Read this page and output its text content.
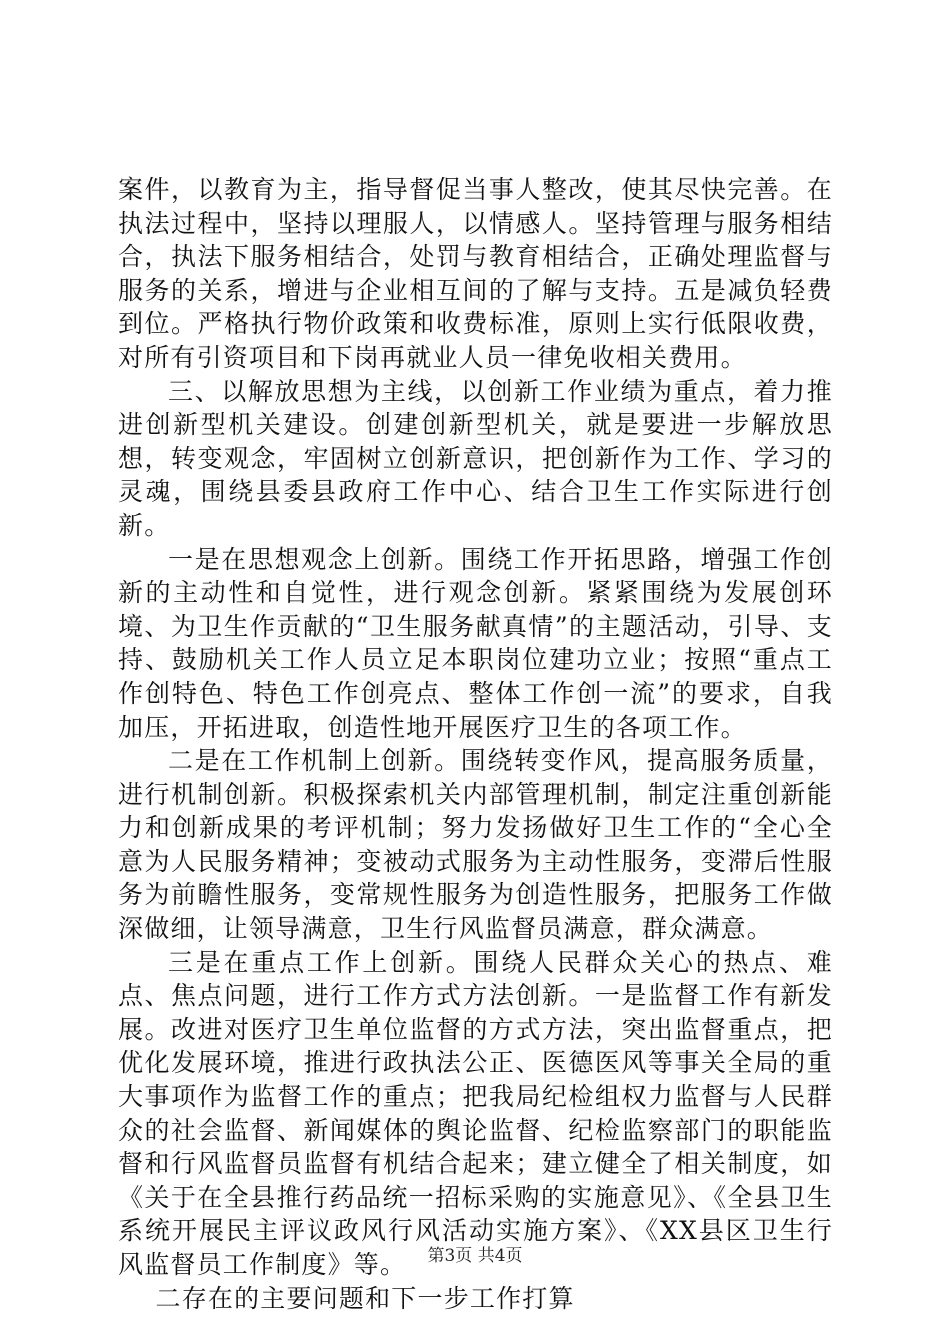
案件，以教育为主，指导督促当事人整改，使其尽快完善。在执法过程中，坚持以理服人，以情感人。坚持管理与服务相结合，执法下服务相结合，处罚与教育相结合，正确处理监督与服务的关系，增进与企业相互间的了解与支持。五是减负轻费到位。严格执行物价政策和收费标准，原则上实行低限收费，对所有引资项目和下岗再就业人员一律免收相关费用。

三、以解放思想为主线，以创新工作业绩为重点，着力推进创新型机关建设。创建创新型机关，就是要进一步解放思想，转变观念，牢固树立创新意识，把创新作为工作、学习的灵魂，围绕县委县政府工作中心、结合卫生工作实际进行创新。

一是在思想观念上创新。围绕工作开拓思路，增强工作创新的主动性和自觉性，进行观念创新。紧紧围绕为发展创环境、为卫生作贡献的“卫生服务献真情”的主题活动，引导、支持、鼓励机关工作人员立足本职岗位建功立业；按照“重点工作创特色、特色工作创亮点、整体工作创一流”的要求，自我加压，开拓进取，创造性地开展医疗卫生的各项工作。

二是在工作机制上创新。围绕转变作风，提高服务质量，进行机制创新。积极探索机关内部管理机制，制定注重创新能力和创新成果的考评机制；努力发扬做好卫生工作的“全心全意为人民服务精神；变被动式服务为主动性服务，变滞后性服务为前瞻性服务，变常规性服务为创造性服务，把服务工作做深做细，让领导满意，卫生行风监督员满意，群众满意。

三是在重点工作上创新。围绕人民群众关心的热点、难点、焦点问题，进行工作方式方法创新。一是监督工作有新发展。改进对医疗卫生单位监督的方式方法，突出监督重点，把优化发展环境，推进行政执法公正、医德医风等事关全局的重大事项作为监督工作的重点；把我局纪检组权力监督与人民群众的社会监督、新闻媒体的舆论监督、纪检监察部门的职能监督和行风监督员监督有机结合起来；建立健全了相关制度，如《关于在全县推行药品统一招标采购的实施意见》、《全县卫生系统开展民主评议政风行风活动实施方案》、《XX县区卫生行风监督员工作制度》等。

二存在的主要问题和下一步工作打算

第3页 共4页
